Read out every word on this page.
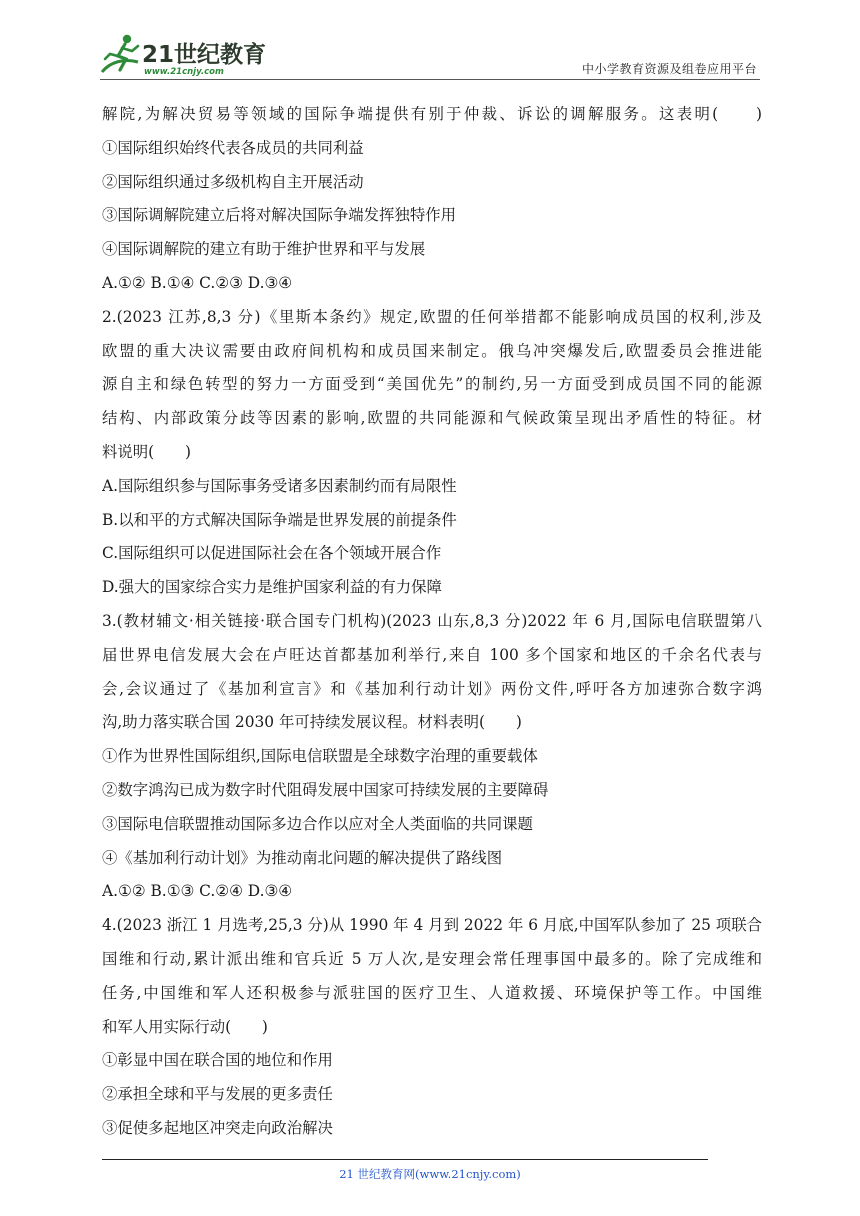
21世纪教育
www.21cnjy.com	中小学教育资源及组卷应用平台
解院,为解决贸易等领域的国际争端提供有别于仲裁、诉讼的调解服务。这表明(　　)
①国际组织始终代表各成员的共同利益
②国际组织通过多级机构自主开展活动
③国际调解院建立后将对解决国际争端发挥独特作用
④国际调解院的建立有助于维护世界和平与发展
A.①② B.①④ C.②③ D.③④
2.(2023 江苏,8,3 分)《里斯本条约》规定,欧盟的任何举措都不能影响成员国的权利,涉及
欧盟的重大决议需要由政府间机构和成员国来制定。俄乌冲突爆发后,欧盟委员会推进能
源自主和绿色转型的努力一方面受到“美国优先”的制约,另一方面受到成员国不同的能源
结构、内部政策分歧等因素的影响,欧盟的共同能源和气候政策呈现出矛盾性的特征。材
料说明(　　)
A.国际组织参与国际事务受诸多因素制约而有局限性
B.以和平的方式解决国际争端是世界发展的前提条件
C.国际组织可以促进国际社会在各个领域开展合作
D.强大的国家综合实力是维护国家利益的有力保障
3.(教材辅文·相关链接·联合国专门机构)(2023 山东,8,3 分)2022 年 6 月,国际电信联盟第八
届世界电信发展大会在卢旺达首都基加利举行,来自 100 多个国家和地区的千余名代表与
会,会议通过了《基加利宣言》和《基加利行动计划》两份文件,呼吁各方加速弥合数字鸿
沟,助力落实联合国 2030 年可持续发展议程。材料表明(　　)
①作为世界性国际组织,国际电信联盟是全球数字治理的重要载体
②数字鸿沟已成为数字时代阻碍发展中国家可持续发展的主要障碍
③国际电信联盟推动国际多边合作以应对全人类面临的共同课题
④《基加利行动计划》为推动南北问题的解决提供了路线图
A.①② B.①③ C.②④ D.③④
4.(2023 浙江 1 月选考,25,3 分)从 1990 年 4 月到 2022 年 6 月底,中国军队参加了 25 项联合
国维和行动,累计派出维和官兵近 5 万人次,是安理会常任理事国中最多的。除了完成维和
任务,中国维和军人还积极参与派驻国的医疗卫生、人道救援、环境保护等工作。中国维
和军人用实际行动(　　)
①彰显中国在联合国的地位和作用
②承担全球和平与发展的更多责任
③促使多起地区冲突走向政治解决
21 世纪教育网(www.21cnjy.com)
